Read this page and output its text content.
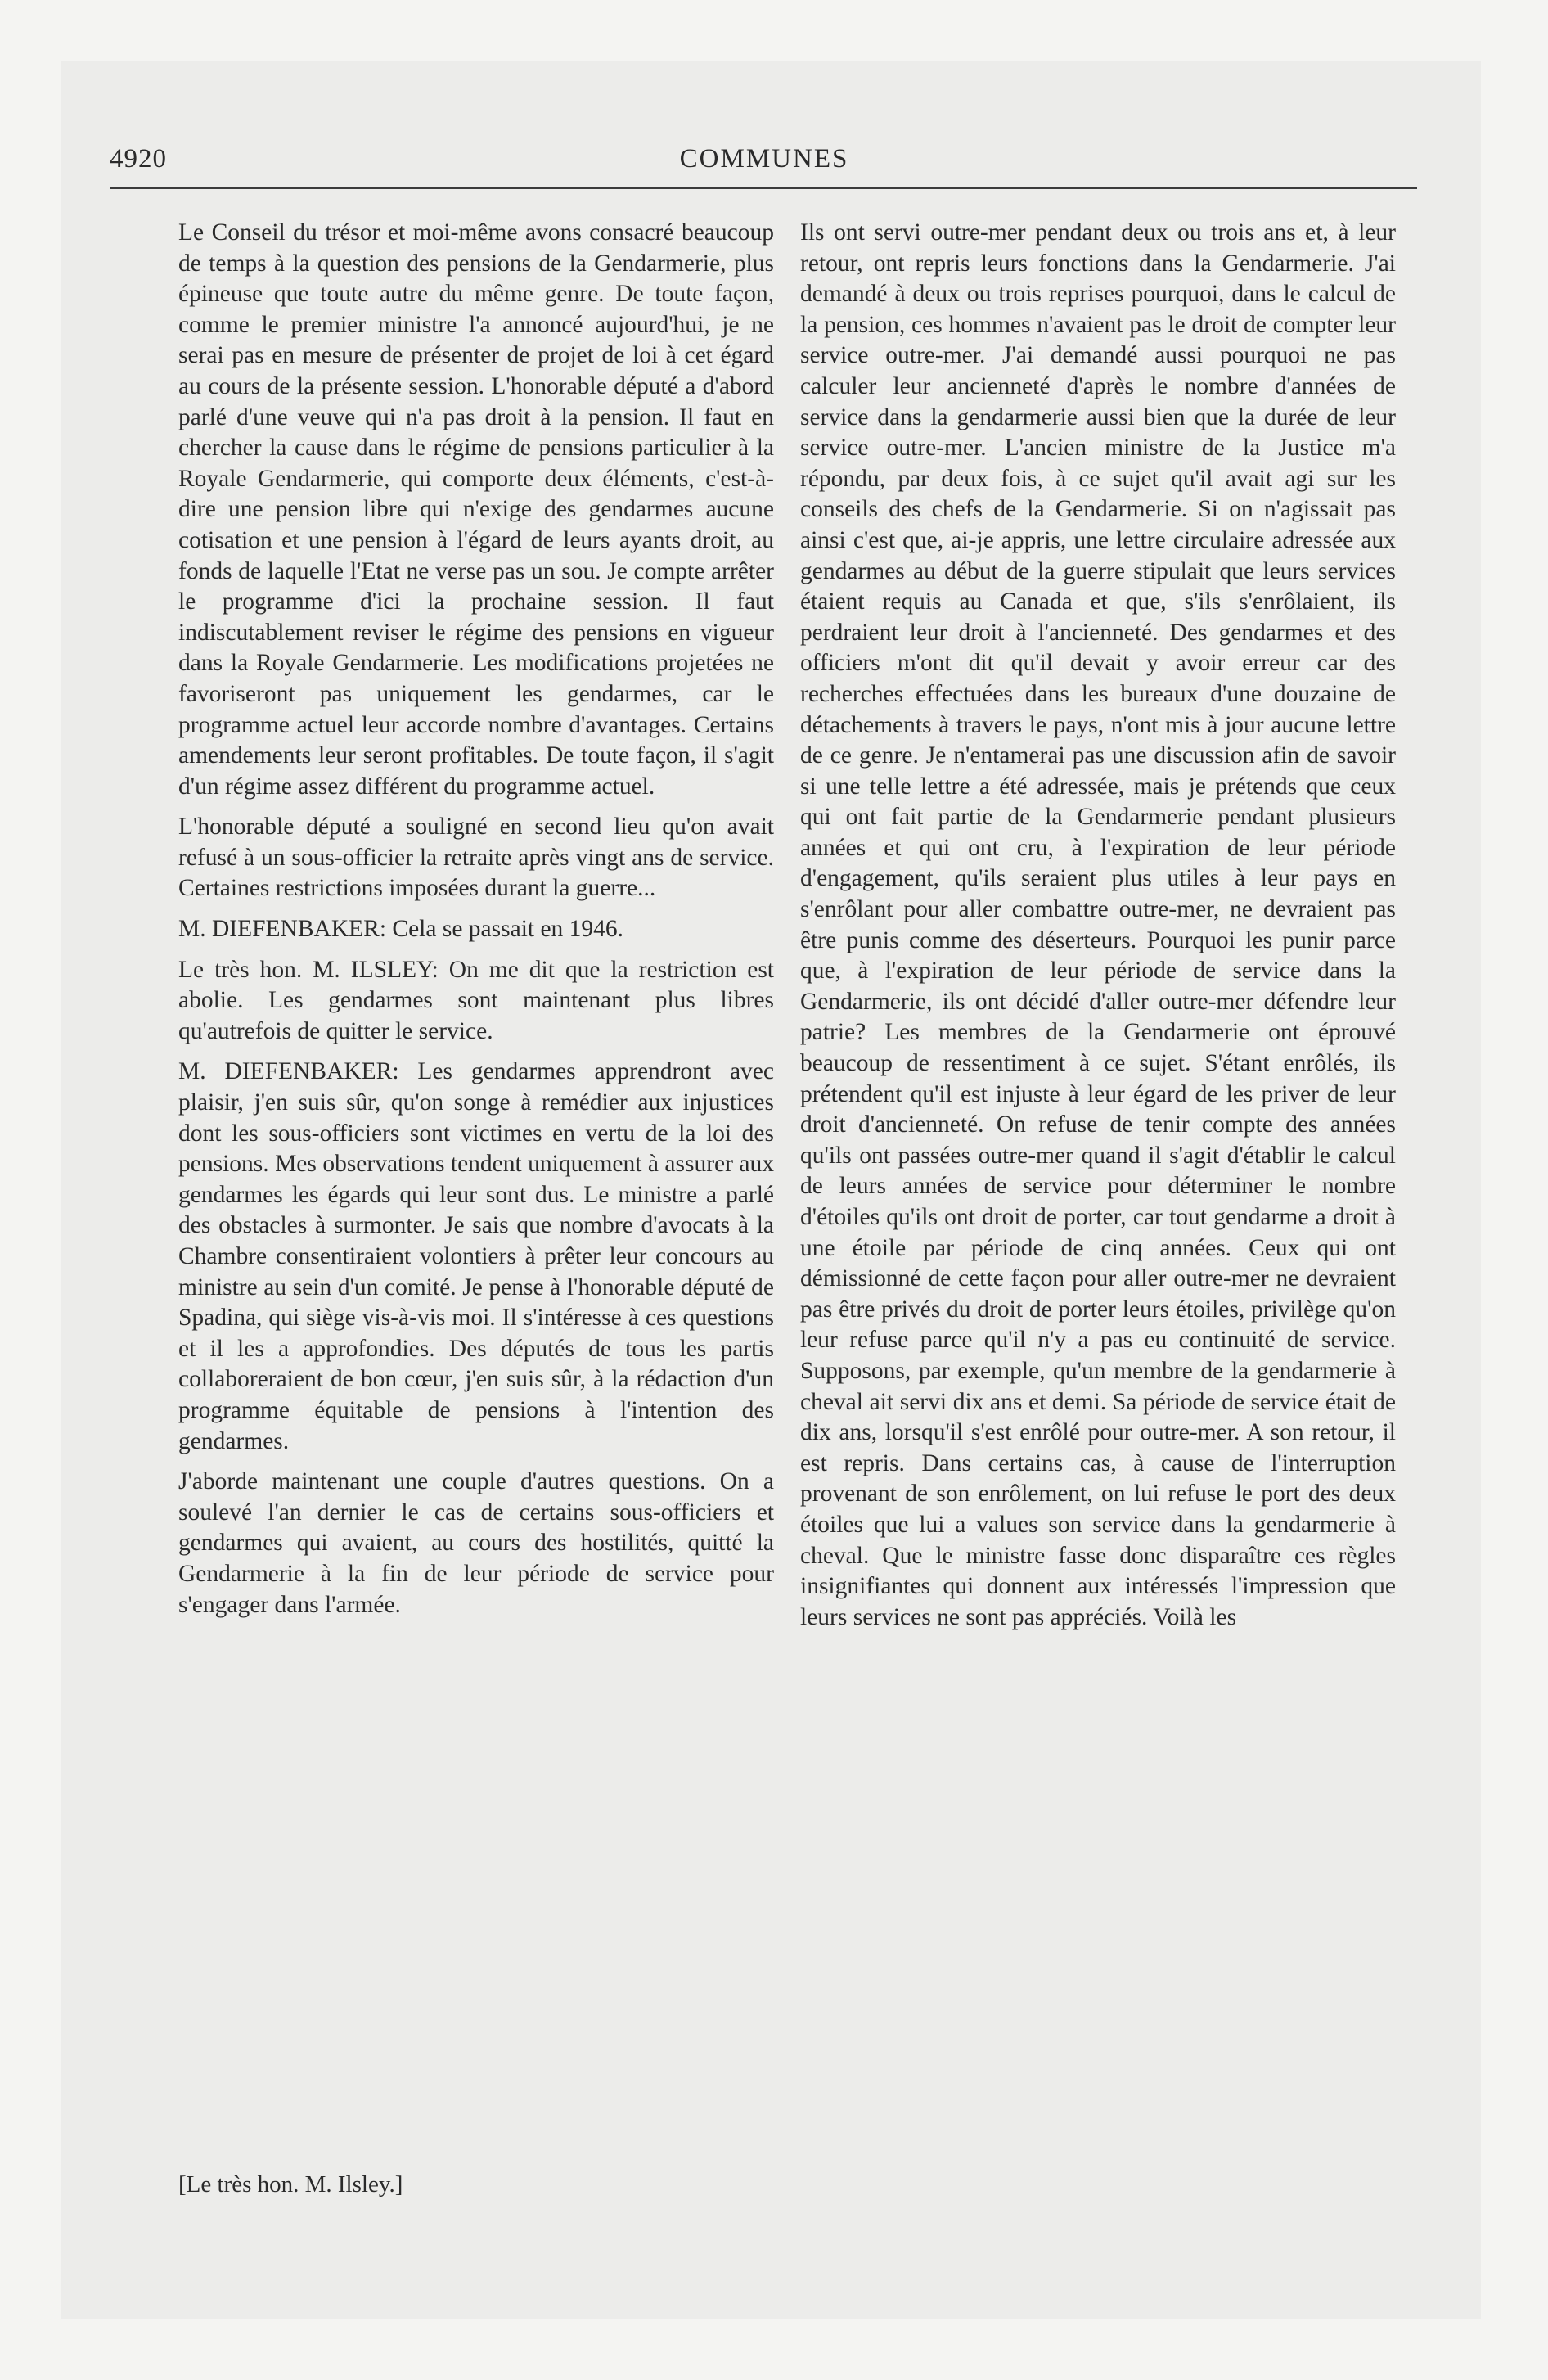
4920	COMMUNES

Le Conseil du trésor et moi-même avons consacré beaucoup de temps à la question des pensions de la Gendarmerie, plus épineuse que toute autre du même genre. De toute façon, comme le premier ministre l'a annoncé aujourd'hui, je ne serai pas en mesure de présenter de projet de loi à cet égard au cours de la présente session. L'honorable député a d'abord parlé d'une veuve qui n'a pas droit à la pension. Il faut en chercher la cause dans le régime de pensions particulier à la Royale Gendarmerie, qui comporte deux éléments, c'est-à-dire une pension libre qui n'exige des gendarmes aucune cotisation et une pension à l'égard de leurs ayants droit, au fonds de laquelle l'Etat ne verse pas un sou. Je compte arrêter le programme d'ici la prochaine session. Il faut indiscutablement reviser le régime des pensions en vigueur dans la Royale Gendarmerie. Les modifications projetées ne favoriseront pas uniquement les gendarmes, car le programme actuel leur accorde nombre d'avantages. Certains amendements leur seront profitables. De toute façon, il s'agit d'un régime assez différent du programme actuel.

L'honorable député a souligné en second lieu qu'on avait refusé à un sous-officier la retraite après vingt ans de service. Certaines restrictions imposées durant la guerre...

M. DIEFENBAKER: Cela se passait en 1946.

Le très hon. M. ILSLEY: On me dit que la restriction est abolie. Les gendarmes sont maintenant plus libres qu'autrefois de quitter le service.

M. DIEFENBAKER: Les gendarmes apprendront avec plaisir, j'en suis sûr, qu'on songe à remédier aux injustices dont les sous-officiers sont victimes en vertu de la loi des pensions. Mes observations tendent uniquement à assurer aux gendarmes les égards qui leur sont dus. Le ministre a parlé des obstacles à surmonter. Je sais que nombre d'avocats à la Chambre consentiraient volontiers à prêter leur concours au ministre au sein d'un comité. Je pense à l'honorable député de Spadina, qui siège vis-à-vis moi. Il s'intéresse à ces questions et il les a approfondies. Des députés de tous les partis collaboreraient de bon cœur, j'en suis sûr, à la rédaction d'un programme équitable de pensions à l'intention des gendarmes.

J'aborde maintenant une couple d'autres questions. On a soulevé l'an dernier le cas de certains sous-officiers et gendarmes qui avaient, au cours des hostilités, quitté la Gendarmerie à la fin de leur période de service pour s'engager dans l'armée.

Ils ont servi outre-mer pendant deux ou trois ans et, à leur retour, ont repris leurs fonctions dans la Gendarmerie. J'ai demandé à deux ou trois reprises pourquoi, dans le calcul de la pension, ces hommes n'avaient pas le droit de compter leur service outre-mer. J'ai demandé aussi pourquoi ne pas calculer leur ancienneté d'après le nombre d'années de service dans la gendarmerie aussi bien que la durée de leur service outre-mer. L'ancien ministre de la Justice m'a répondu, par deux fois, à ce sujet qu'il avait agi sur les conseils des chefs de la Gendarmerie. Si on n'agissait pas ainsi c'est que, ai-je appris, une lettre circulaire adressée aux gendarmes au début de la guerre stipulait que leurs services étaient requis au Canada et que, s'ils s'enrôlaient, ils perdraient leur droit à l'ancienneté. Des gendarmes et des officiers m'ont dit qu'il devait y avoir erreur car des recherches effectuées dans les bureaux d'une douzaine de détachements à travers le pays, n'ont mis à jour aucune lettre de ce genre. Je n'entamerai pas une discussion afin de savoir si une telle lettre a été adressée, mais je prétends que ceux qui ont fait partie de la Gendarmerie pendant plusieurs années et qui ont cru, à l'expiration de leur période d'engagement, qu'ils seraient plus utiles à leur pays en s'enrôlant pour aller combattre outre-mer, ne devraient pas être punis comme des déserteurs. Pourquoi les punir parce que, à l'expiration de leur période de service dans la Gendarmerie, ils ont décidé d'aller outre-mer défendre leur patrie? Les membres de la Gendarmerie ont éprouvé beaucoup de ressentiment à ce sujet. S'étant enrôlés, ils prétendent qu'il est injuste à leur égard de les priver de leur droit d'ancienneté. On refuse de tenir compte des années qu'ils ont passées outre-mer quand il s'agit d'établir le calcul de leurs années de service pour déterminer le nombre d'étoiles qu'ils ont droit de porter, car tout gendarme a droit à une étoile par période de cinq années. Ceux qui ont démissionné de cette façon pour aller outre-mer ne devraient pas être privés du droit de porter leurs étoiles, privilège qu'on leur refuse parce qu'il n'y a pas eu continuité de service. Supposons, par exemple, qu'un membre de la gendarmerie à cheval ait servi dix ans et demi. Sa période de service était de dix ans, lorsqu'il s'est enrôlé pour outre-mer. A son retour, il est repris. Dans certains cas, à cause de l'interruption provenant de son enrôlement, on lui refuse le port des deux étoiles que lui a values son service dans la gendarmerie à cheval. Que le ministre fasse donc disparaître ces règles insignifiantes qui donnent aux intéressés l'impression que leurs services ne sont pas appréciés. Voilà les

[Le très hon. M. Ilsley.]
